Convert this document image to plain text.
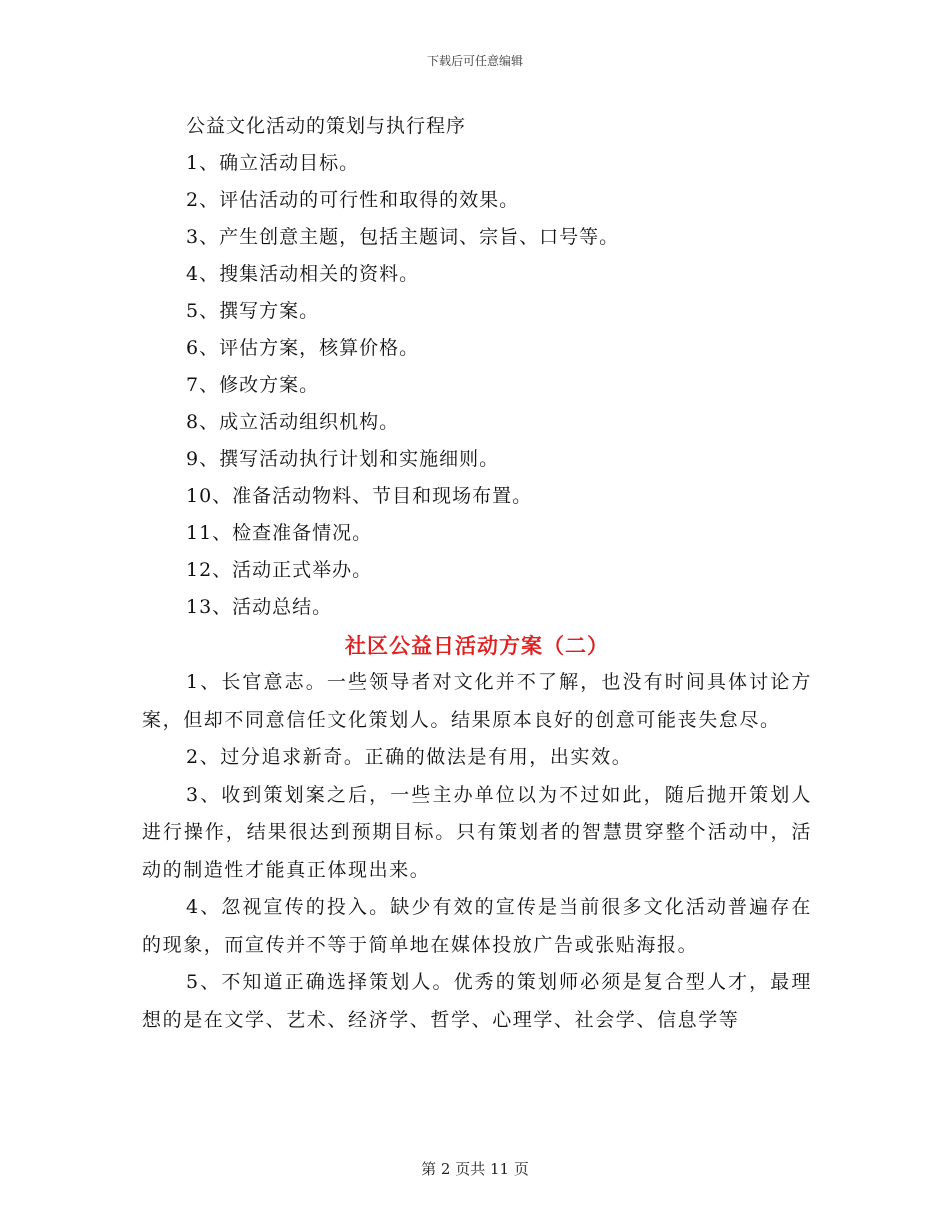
下载后可任意编辑
公益文化活动的策划与执行程序
1、确立活动目标。
2、评估活动的可行性和取得的效果。
3、产生创意主题，包括主题词、宗旨、口号等。
4、搜集活动相关的资料。
5、撰写方案。
6、评估方案，核算价格。
7、修改方案。
8、成立活动组织机构。
9、撰写活动执行计划和实施细则。
10、准备活动物料、节目和现场布置。
11、检查准备情况。
12、活动正式举办。
13、活动总结。
社区公益日活动方案（二）

1、长官意志。一些领导者对文化并不了解，也没有时间具体讨论方案，但却不同意信任文化策划人。结果原本良好的创意可能丧失怠尽。

2、过分追求新奇。正确的做法是有用，出实效。

3、收到策划案之后，一些主办单位以为不过如此，随后抛开策划人进行操作，结果很达到预期目标。只有策划者的智慧贯穿整个活动中，活动的制造性才能真正体现出来。

4、忽视宣传的投入。缺少有效的宣传是当前很多文化活动普遍存在的现象，而宣传并不等于简单地在媒体投放广告或张贴海报。

5、不知道正确选择策划人。优秀的策划师必须是复合型人才，最理想的是在文学、艺术、经济学、哲学、心理学、社会学、信息学等

第 2 页共 11 页
